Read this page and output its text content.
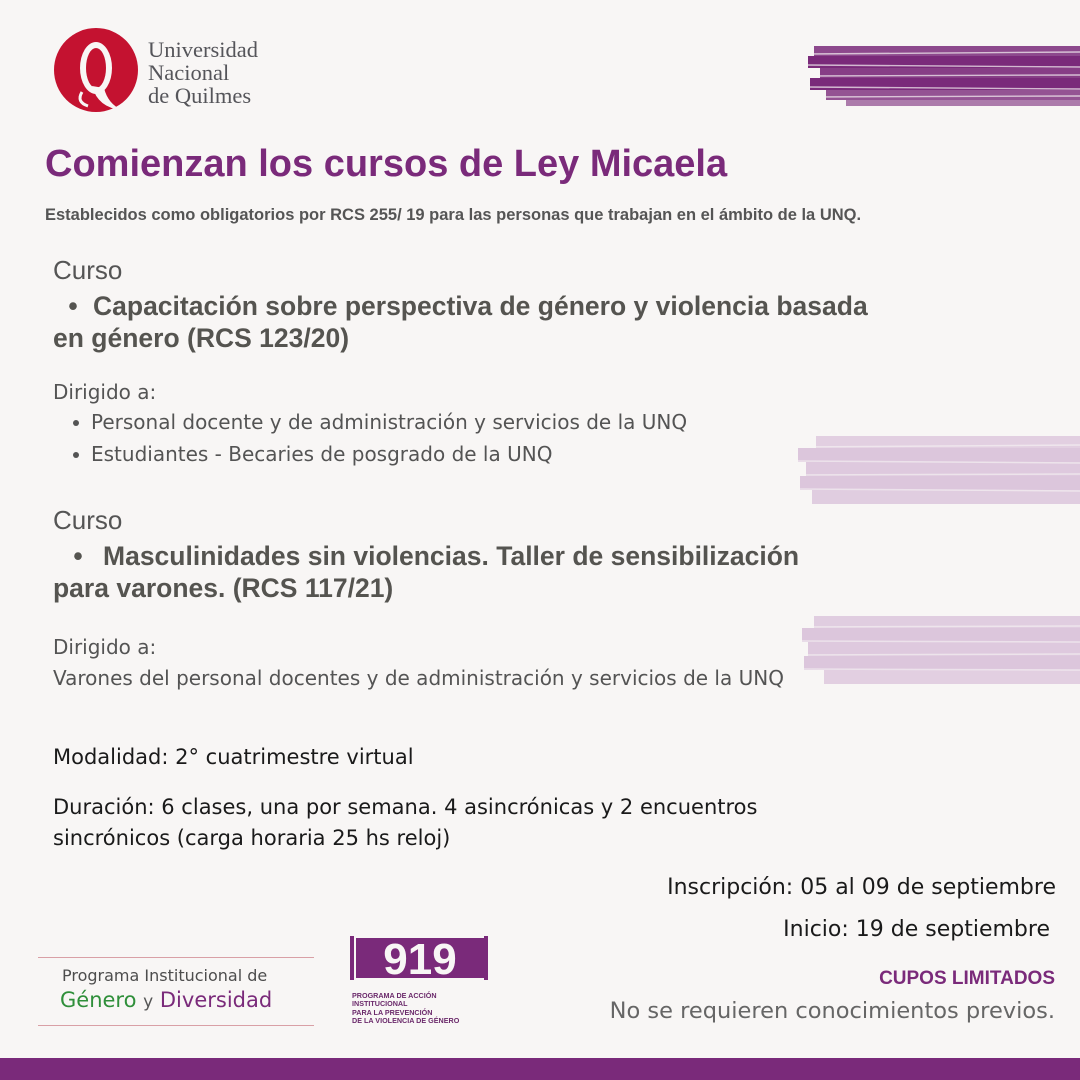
Universidad
Nacional
de Quilmes
Comienzan los cursos de Ley Micaela
Establecidos como obligatorios por RCS 255/ 19 para las personas que trabajan en el ámbito de la UNQ.
Curso
• Capacitación sobre perspectiva de género y violencia basada
en género (RCS 123/20)
Dirigido a:
Personal docente y de administración y servicios de la UNQ
Estudiantes - Becaries de posgrado de la UNQ
Curso
• Masculinidades sin violencias. Taller de sensibilización
para varones. (RCS 117/21)
Dirigido a:
Varones del personal docentes y de administración y servicios de la UNQ
Modalidad: 2° cuatrimestre virtual
Duración: 6 clases, una por semana. 4 asincrónicas y 2 encuentros
sincrónicos (carga horaria 25 hs reloj)
Inscripción: 05 al 09 de septiembre
Inicio: 19 de septiembre
CUPOS LIMITADOS
No se requieren conocimientos previos.
Programa Institucional de
Género y Diversidad
919
PROGRAMA DE ACCIÓN
INSTITUCIONAL
PARA LA PREVENCIÓN
DE LA VIOLENCIA DE GÉNERO
